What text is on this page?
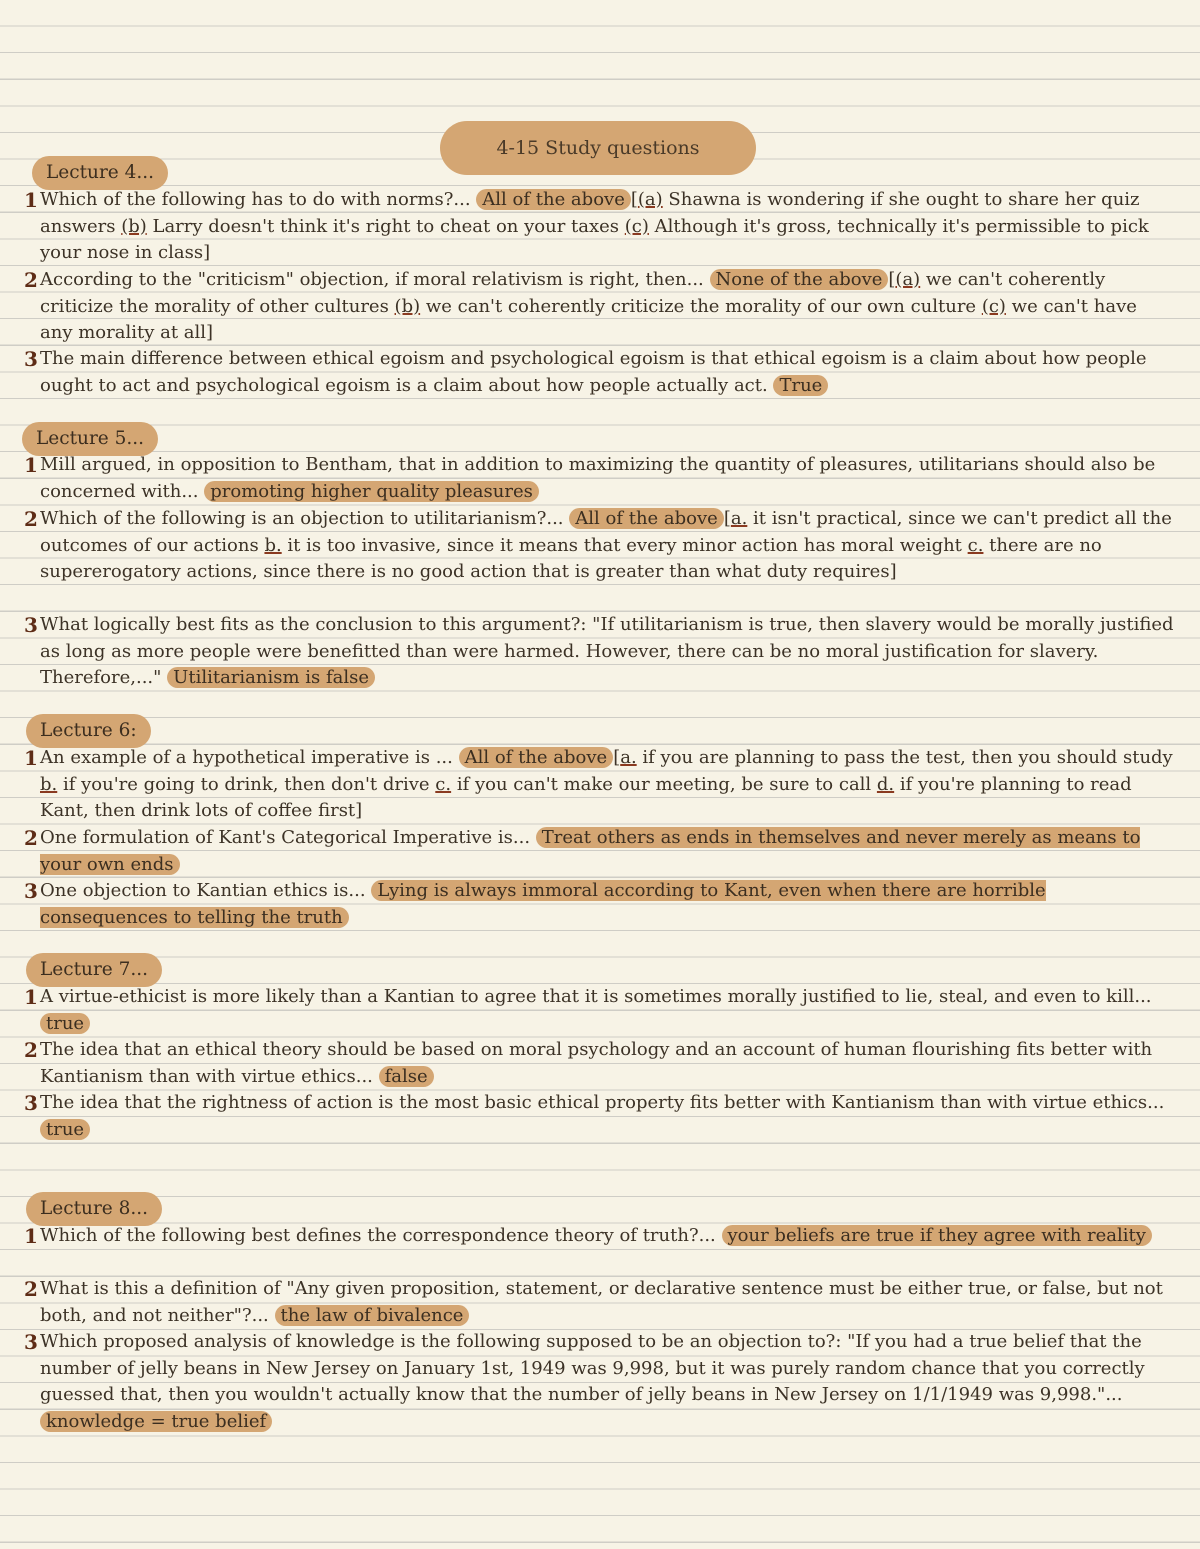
4-15 Study questions
Lecture 4...
1 Which of the following has to do with norms?... All of the above [(a) Shawna is wondering if she ought to share her quiz answers (b) Larry doesn't think it's right to cheat on your taxes (c) Although it's gross, technically it's permissible to pick your nose in class]
2 According to the "criticism" objection, if moral relativism is right, then... None of the above [(a) we can't coherently criticize the morality of other cultures (b) we can't coherently criticize the morality of our own culture (c) we can't have any morality at all]
3 The main difference between ethical egoism and psychological egoism is that ethical egoism is a claim about how people ought to act and psychological egoism is a claim about how people actually act. True
Lecture 5...
1 Mill argued, in opposition to Bentham, that in addition to maximizing the quantity of pleasures, utilitarians should also be concerned with... promoting higher quality pleasures
2 Which of the following is an objection to utilitarianism?... All of the above [a. it isn't practical, since we can't predict all the outcomes of our actions b. it is too invasive, since it means that every minor action has moral weight c. there are no supererogatory actions, since there is no good action that is greater than what duty requires]
3 What logically best fits as the conclusion to this argument?: "If utilitarianism is true, then slavery would be morally justified as long as more people were benefitted than were harmed. However, there can be no moral justification for slavery. Therefore,..." Utilitarianism is false
Lecture 6:
1 An example of a hypothetical imperative is ... All of the above [a. if you are planning to pass the test, then you should study b. if you're going to drink, then don't drive c. if you can't make our meeting, be sure to call d. if you're planning to read Kant, then drink lots of coffee first]
2 One formulation of Kant's Categorical Imperative is... Treat others as ends in themselves and never merely as means to your own ends
3 One objection to Kantian ethics is... Lying is always immoral according to Kant, even when there are horrible consequences to telling the truth
Lecture 7...
1 A virtue-ethicist is more likely than a Kantian to agree that it is sometimes morally justified to lie, steal, and even to kill... true
2 The idea that an ethical theory should be based on moral psychology and an account of human flourishing fits better with Kantianism than with virtue ethics... false
3 The idea that the rightness of action is the most basic ethical property fits better with Kantianism than with virtue ethics... true
Lecture 8...
1 Which of the following best defines the correspondence theory of truth?... your beliefs are true if they agree with reality
2 What is this a definition of "Any given proposition, statement, or declarative sentence must be either true, or false, but not both, and not neither"?... the law of bivalence
3 Which proposed analysis of knowledge is the following supposed to be an objection to?: "If you had a true belief that the number of jelly beans in New Jersey on January 1st, 1949 was 9,998, but it was purely random chance that you correctly guessed that, then you wouldn't actually know that the number of jelly beans in New Jersey on 1/1/1949 was 9,998."... knowledge = true belief
